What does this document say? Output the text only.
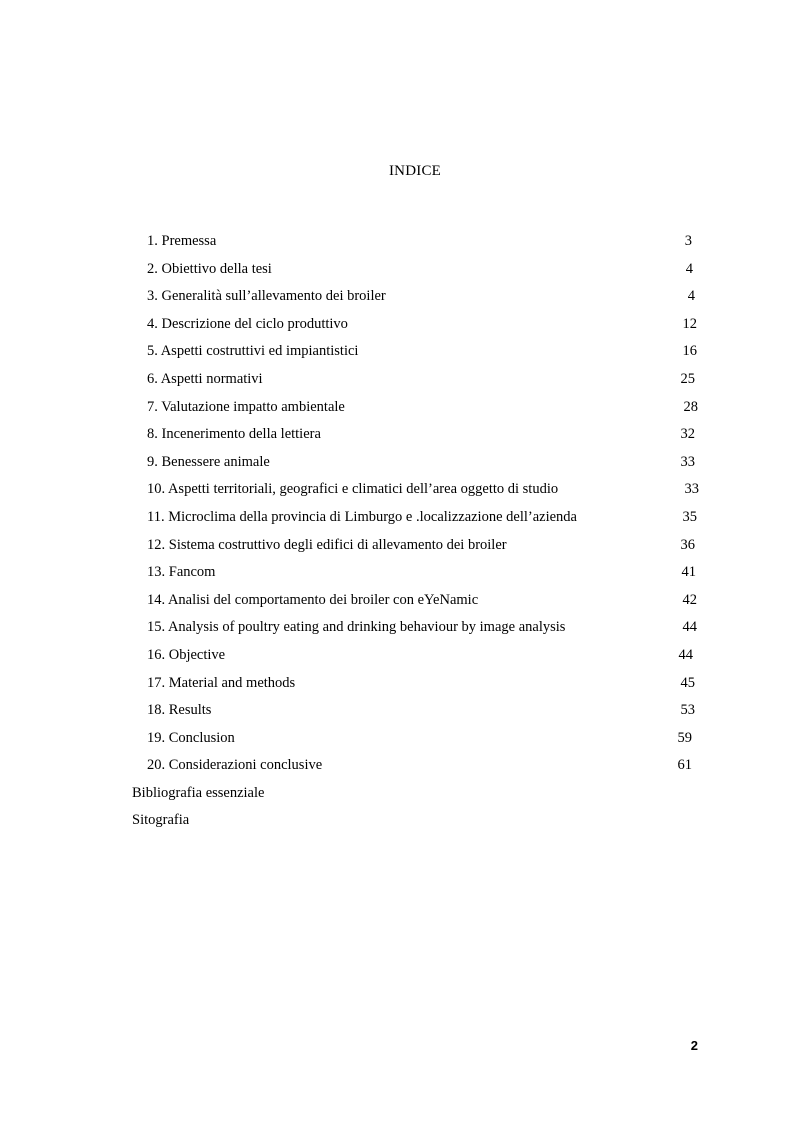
INDICE
1. Premessa	3
2. Obiettivo della tesi	4
3. Generalità sull’allevamento dei broiler	4
4. Descrizione del ciclo produttivo	12
5. Aspetti costruttivi ed impiantistici	16
6. Aspetti normativi	25
7. Valutazione impatto ambientale	28
8. Incenerimento della lettiera	32
9. Benessere animale	33
10. Aspetti territoriali, geografici e climatici dell’area oggetto di studio	33
11. Microclima della provincia di Limburgo e .localizzazione dell’azienda	35
12. Sistema costruttivo degli edifici di allevamento dei broiler	36
13. Fancom	41
14. Analisi del comportamento dei broiler con eYeNamic	42
15. Analysis of poultry eating and drinking behaviour by image analysis	44
16. Objective	44
17. Material and methods	45
18. Results	53
19. Conclusion	59
20. Considerazioni conclusive	61
Bibliografia essenziale
Sitografia
2
